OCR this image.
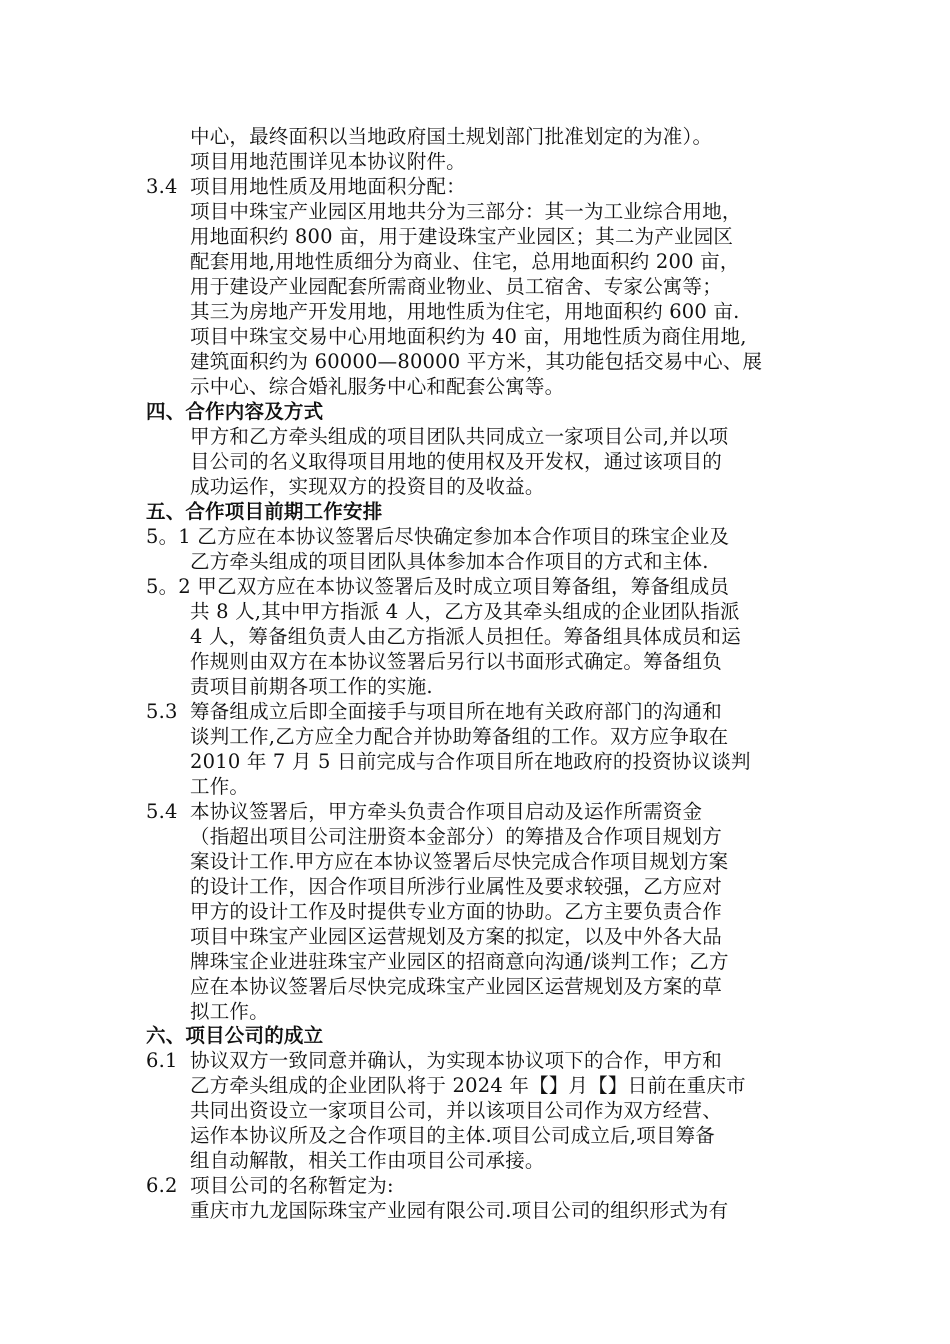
中心，最终面积以当地政府国土规划部门批准划定的为准）。
项目用地范围详见本协议附件。
3.4 项目用地性质及用地面积分配：
项目中珠宝产业园区用地共分为三部分：其一为工业综合用地，
用地面积约 800 亩，用于建设珠宝产业园区；其二为产业园区
配套用地,用地性质细分为商业、住宅，总用地面积约 200 亩，
用于建设产业园配套所需商业物业、员工宿舍、专家公寓等；
其三为房地产开发用地，用地性质为住宅，用地面积约 600 亩.
项目中珠宝交易中心用地面积约为 40 亩，用地性质为商住用地,
建筑面积约为 60000—80000 平方米，其功能包括交易中心、展
示中心、综合婚礼服务中心和配套公寓等。
四、合作内容及方式
甲方和乙方牵头组成的项目团队共同成立一家项目公司,并以项
目公司的名义取得项目用地的使用权及开发权，通过该项目的
成功运作，实现双方的投资目的及收益。
五、合作项目前期工作安排
5。1 乙方应在本协议签署后尽快确定参加本合作项目的珠宝企业及
乙方牵头组成的项目团队具体参加本合作项目的方式和主体.
5。2 甲乙双方应在本协议签署后及时成立项目筹备组，筹备组成员
共 8 人,其中甲方指派 4 人，乙方及其牵头组成的企业团队指派
4 人，筹备组负责人由乙方指派人员担任。筹备组具体成员和运
作规则由双方在本协议签署后另行以书面形式确定。筹备组负
责项目前期各项工作的实施.
5.3 筹备组成立后即全面接手与项目所在地有关政府部门的沟通和
谈判工作,乙方应全力配合并协助筹备组的工作。双方应争取在
2010 年 7 月 5 日前完成与合作项目所在地政府的投资协议谈判
工作。
5.4 本协议签署后，甲方牵头负责合作项目启动及运作所需资金
（指超出项目公司注册资本金部分）的筹措及合作项目规划方
案设计工作.甲方应在本协议签署后尽快完成合作项目规划方案
的设计工作，因合作项目所涉行业属性及要求较强，乙方应对
甲方的设计工作及时提供专业方面的协助。乙方主要负责合作
项目中珠宝产业园区运营规划及方案的拟定，以及中外各大品
牌珠宝企业进驻珠宝产业园区的招商意向沟通/谈判工作；乙方
应在本协议签署后尽快完成珠宝产业园区运营规划及方案的草
拟工作。
六、项目公司的成立
6.1 协议双方一致同意并确认，为实现本协议项下的合作，甲方和
乙方牵头组成的企业团队将于 2024 年【】月【】日前在重庆市
共同出资设立一家项目公司，并以该项目公司作为双方经营、
运作本协议所及之合作项目的主体.项目公司成立后,项目筹备
组自动解散，相关工作由项目公司承接。
6.2 项目公司的名称暂定为:
重庆市九龙国际珠宝产业园有限公司.项目公司的组织形式为有
